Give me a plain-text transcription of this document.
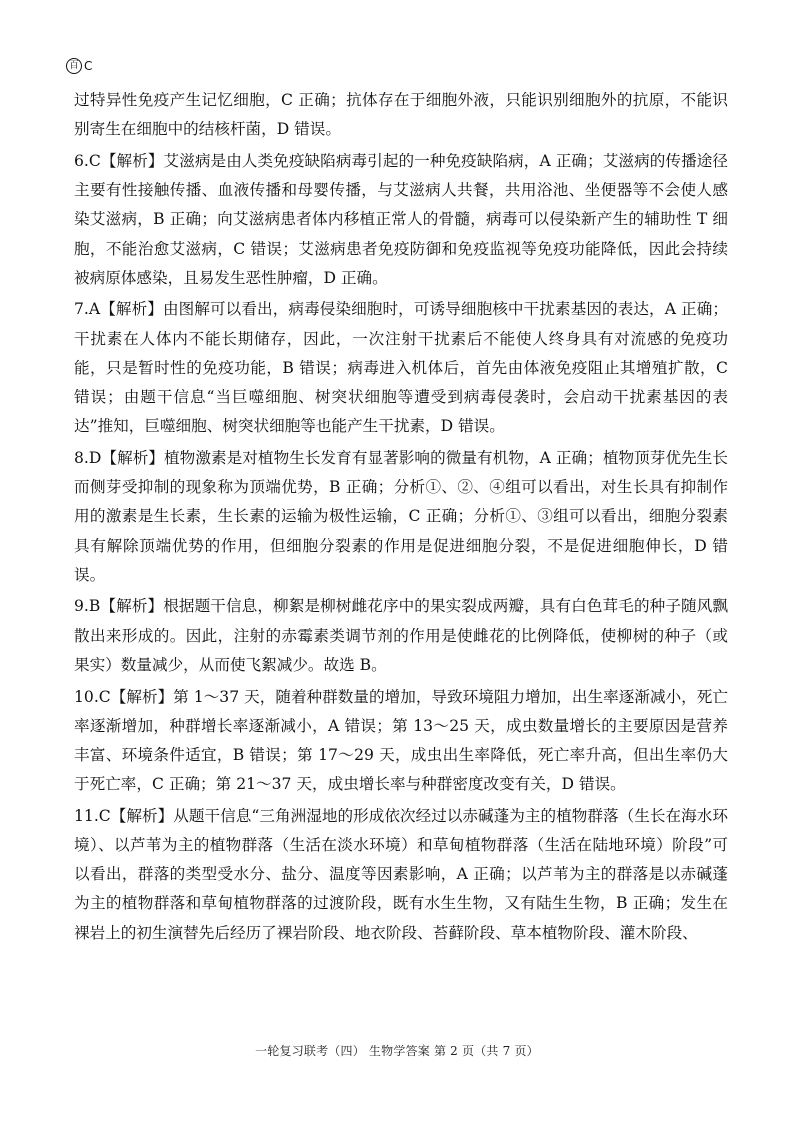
百 C

过特异性免疫产生记忆细胞，C 正确；抗体存在于细胞外液，只能识别细胞外的抗原，不能识别寄生在细胞中的结核杆菌，D 错误。

6.C【解析】艾滋病是由人类免疫缺陷病毒引起的一种免疫缺陷病，A 正确；艾滋病的传播途径主要有性接触传播、血液传播和母婴传播，与艾滋病人共餐，共用浴池、坐便器等不会使人感染艾滋病，B 正确；向艾滋病患者体内移植正常人的骨髓，病毒可以侵染新产生的辅助性 T 细胞，不能治愈艾滋病，C 错误；艾滋病患者免疫防御和免疫监视等免疫功能降低，因此会持续被病原体感染，且易发生恶性肿瘤，D 正确。

7.A【解析】由图解可以看出，病毒侵染细胞时，可诱导细胞核中干扰素基因的表达，A 正确；干扰素在人体内不能长期储存，因此，一次注射干扰素后不能使人终身具有对流感的免疫功能，只是暂时性的免疫功能，B 错误；病毒进入机体后，首先由体液免疫阻止其增殖扩散，C 错误；由题干信息“当巨噬细胞、树突状细胞等遭受到病毒侵袭时，会启动干扰素基因的表达”推知，巨噬细胞、树突状细胞等也能产生干扰素，D 错误。

8.D【解析】植物激素是对植物生长发育有显著影响的微量有机物，A 正确；植物顶芽优先生长而侧芽受抑制的现象称为顶端优势，B 正确；分析①、②、④组可以看出，对生长具有抑制作用的激素是生长素，生长素的运输为极性运输，C 正确；分析①、③组可以看出，细胞分裂素具有解除顶端优势的作用，但细胞分裂素的作用是促进细胞分裂，不是促进细胞伸长，D 错误。

9.B【解析】根据题干信息，柳絮是柳树雌花序中的果实裂成两瓣，具有白色茸毛的种子随风飘散出来形成的。因此，注射的赤霉素类调节剂的作用是使雌花的比例降低，使柳树的种子（或果实）数量减少，从而使飞絮减少。故选 B。

10.C【解析】第 1～37 天，随着种群数量的增加，导致环境阻力增加，出生率逐渐减小，死亡率逐渐增加，种群增长率逐渐减小，A 错误；第 13～25 天，成虫数量增长的主要原因是营养丰富、环境条件适宜，B 错误；第 17～29 天，成虫出生率降低，死亡率升高，但出生率仍大于死亡率，C 正确；第 21～37 天，成虫增长率与种群密度改变有关，D 错误。

11.C【解析】从题干信息“三角洲湿地的形成依次经过以赤碱蓬为主的植物群落（生长在海水环境）、以芦苇为主的植物群落（生活在淡水环境）和草甸植物群落（生活在陆地环境）阶段”可以看出，群落的类型受水分、盐分、温度等因素影响，A 正确；以芦苇为主的群落是以赤碱蓬为主的植物群落和草甸植物群落的过渡阶段，既有水生生物，又有陆生生物，B 正确；发生在裸岩上的初生演替先后经历了裸岩阶段、地衣阶段、苔藓阶段、草本植物阶段、灌木阶段、

一轮复习联考（四） 生物学答案 第 2 页（共 7 页）
